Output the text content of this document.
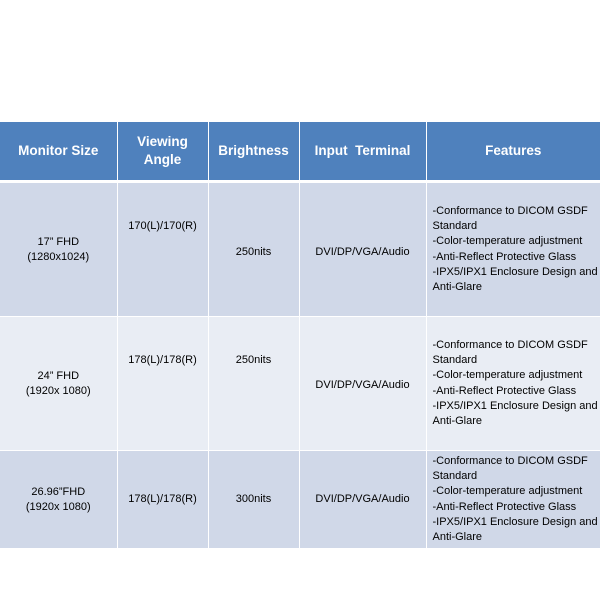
Monitor Size	Viewing Angle	Brightness	Input  Terminal	Features

17” FHD
(1280x1024)	170(L)/170(R)	250nits	DVI/DP/VGA/Audio	-Conformance to DICOM GSDF Standard
-Color-temperature adjustment
-Anti-Reflect Protective Glass
-IPX5/IPX1 Enclosure Design and Anti-Glare

24” FHD
(1920x 1080)	178(L)/178(R)	250nits	DVI/DP/VGA/Audio	-Conformance to DICOM GSDF Standard
-Color-temperature adjustment
-Anti-Reflect Protective Glass
-IPX5/IPX1 Enclosure Design and Anti-Glare

26.96”FHD
(1920x 1080)	178(L)/178(R)	300nits	DVI/DP/VGA/Audio	-Conformance to DICOM GSDF Standard
-Color-temperature adjustment
-Anti-Reflect Protective Glass
-IPX5/IPX1 Enclosure Design and Anti-Glare
